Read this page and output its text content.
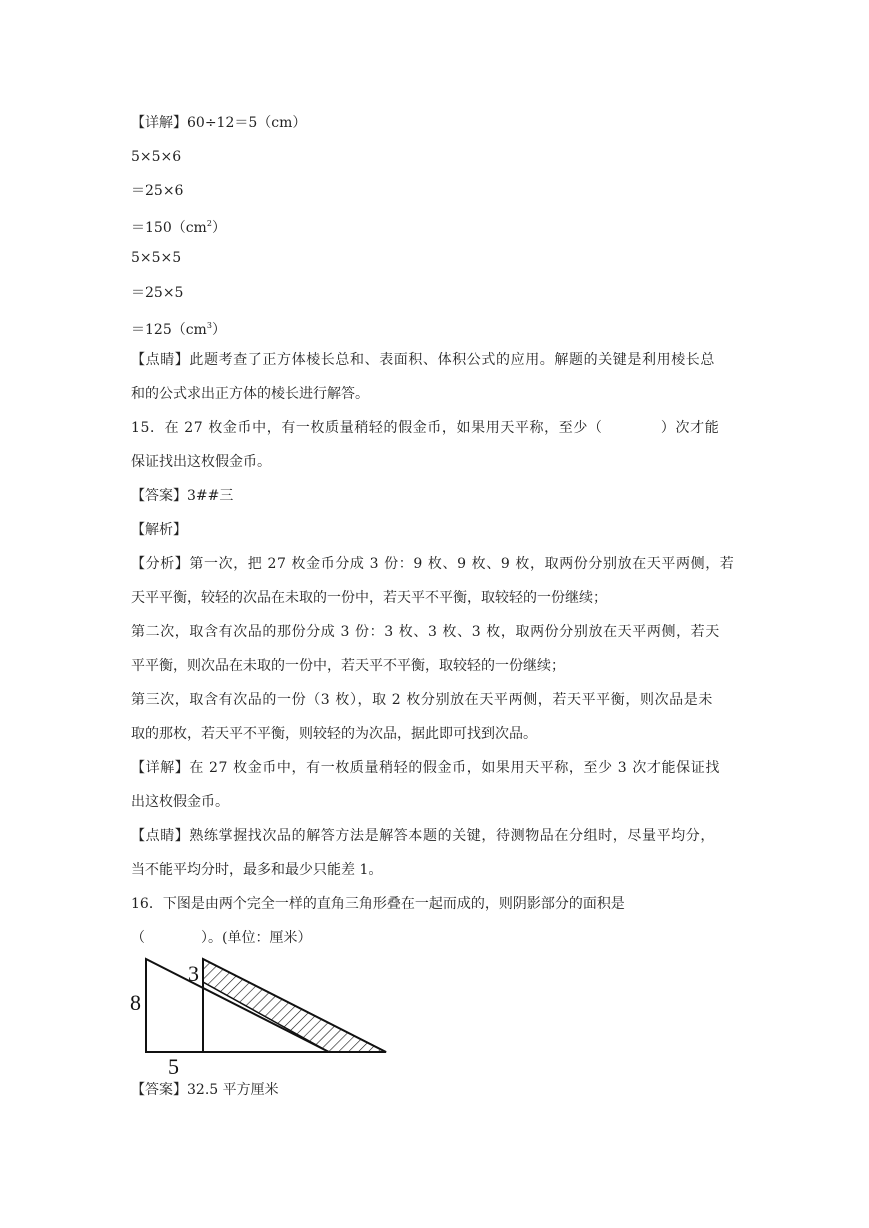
【详解】60÷12＝5（cm）
5×5×6
＝25×6
$=150(cm^2)$
5×5×5
＝25×5
$=125(cm^3)$
【点睛】此题考查了正方体棱长总和、表面积、体积公式的应用。解题的关键是利用棱长总
和的公式求出正方体的棱长进行解答。
15．在 27 枚金币中，有一枚质量稍轻的假金币，如果用天平称，至少（　　　　）次才能
保证找出这枚假金币。
【答案】3##三
【解析】
【分析】第一次，把 27 枚金币分成 3 份：9 枚、9 枚、9 枚，取两份分别放在天平两侧，若
天平平衡，较轻的次品在未取的一份中，若天平不平衡，取较轻的一份继续；
第二次，取含有次品的那份分成 3 份：3 枚、3 枚、3 枚，取两份分别放在天平两侧，若天
平平衡，则次品在未取的一份中，若天平不平衡，取较轻的一份继续；
第三次，取含有次品的一份（3 枚），取 2 枚分别放在天平两侧，若天平平衡，则次品是未
取的那枚，若天平不平衡，则较轻的为次品，据此即可找到次品。
【详解】在 27 枚金币中，有一枚质量稍轻的假金币，如果用天平称，至少 3 次才能保证找
出这枚假金币。
【点睛】熟练掌握找次品的解答方法是解答本题的关键，待测物品在分组时，尽量平均分，
当不能平均分时，最多和最少只能差 1。
16．下图是由两个完全一样的直角三角形叠在一起而成的，则阴影部分的面积是
（　　　　）。(单位：厘米）
8
3
5
【答案】32.5 平方厘米
